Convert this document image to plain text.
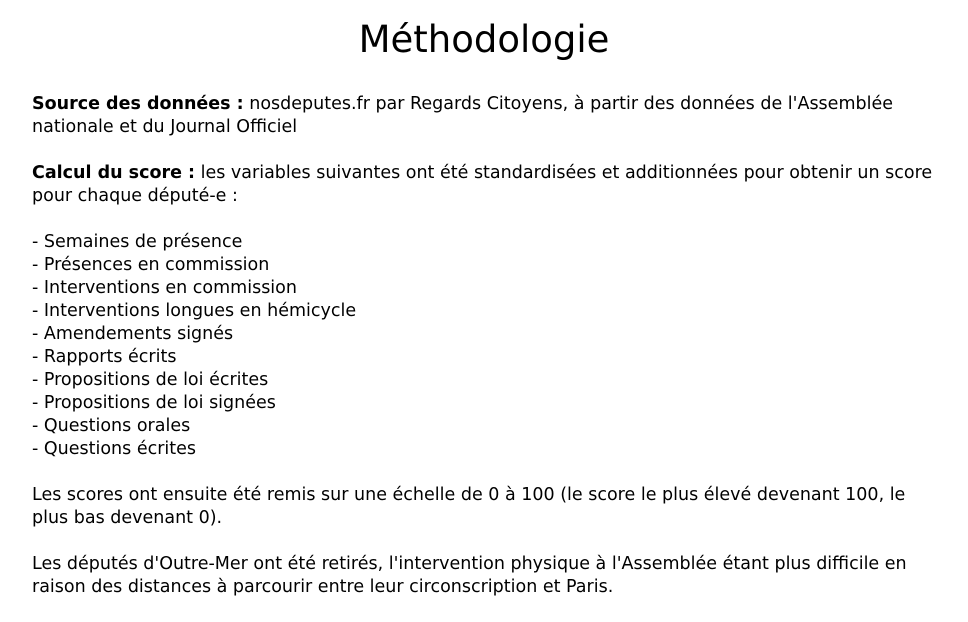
Méthodologie

Source des données : nosdeputes.fr par Regards Citoyens, à partir des données de l'Assemblée nationale et du Journal Officiel

Calcul du score : les variables suivantes ont été standardisées et additionnées pour obtenir un score pour chaque député-e :

- Semaines de présence
- Présences en commission
- Interventions en commission
- Interventions longues en hémicycle
- Amendements signés
- Rapports écrits
- Propositions de loi écrites
- Propositions de loi signées
- Questions orales
- Questions écrites

Les scores ont ensuite été remis sur une échelle de 0 à 100 (le score le plus élevé devenant 100, le plus bas devenant 0).

Les députés d'Outre-Mer ont été retirés, l'intervention physique à l'Assemblée étant plus difficile en raison des distances à parcourir entre leur circonscription et Paris.
